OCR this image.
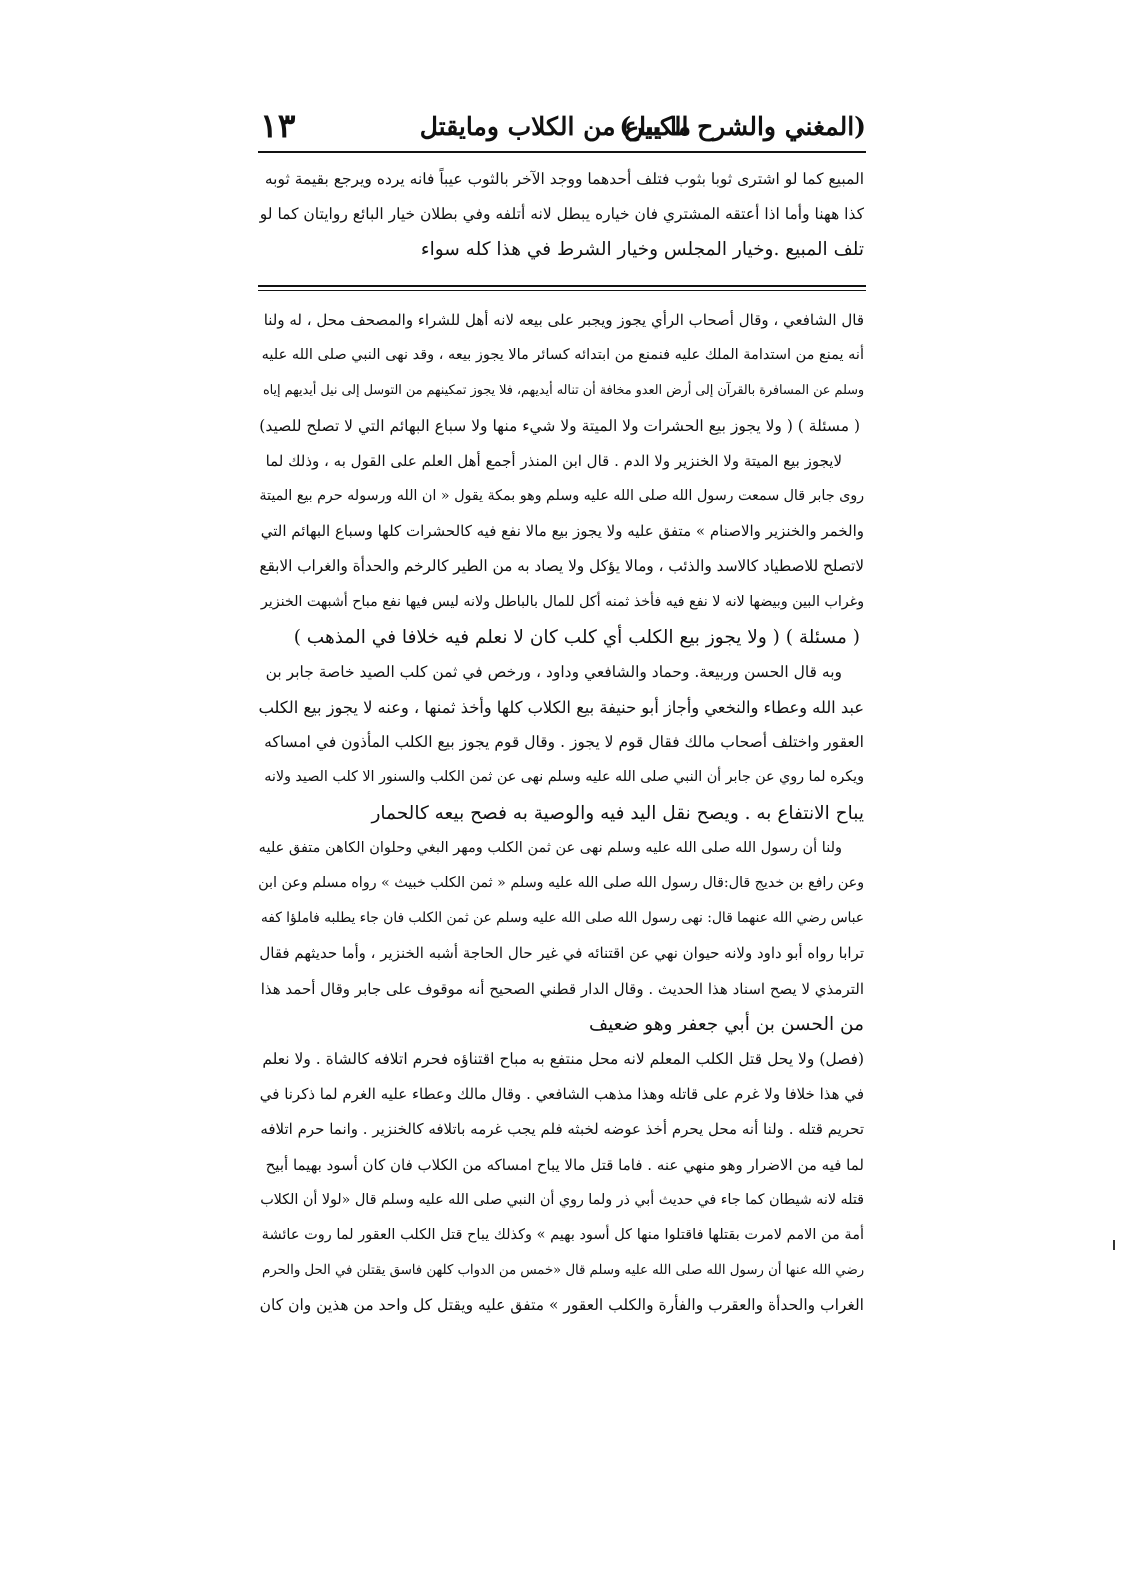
(المغني والشرح الكبير)
ما يباع من الكلاب ومايقتل
١٣

المبيع كما لو اشترى ثوبا بثوب فتلف أحدهما ووجد الآخر بالثوب عيباً فانه يرده ويرجع بقيمة ثوبه

كذا ههنا وأما اذا أعتقه المشتري فان خياره يبطل لانه أتلفه وفي بطلان خيار البائع روايتان كما لو

تلف المبيع .وخيار المجلس وخيار الشرط في هذا كله سواء

قال الشافعي ، وقال أصحاب الرأي يجوز ويجبر على بيعه لانه أهل للشراء والمصحف محل ، له ولنا

أنه يمنع من استدامة الملك عليه فنمنع من ابتدائه كسائر مالا يجوز بيعه ، وقد نهى النبي صلى الله عليه

وسلم عن المسافرة بالقرآن إلى أرض العدو مخافة أن تناله أيديهم، فلا يجوز تمكينهم من التوسل إلى نيل أيديهم إياه

( مسئلة ) ( ولا يجوز بيع الحشرات ولا الميتة ولا شيء منها ولا سباع البهائم التي لا تصلح للصيد)

لايجوز بيع الميتة ولا الخنزير ولا الدم . قال ابن المنذر أجمع أهل العلم على القول به ، وذلك لما

روى جابر قال سمعت رسول الله صلى الله عليه وسلم وهو بمكة يقول « ان الله ورسوله حرم بيع الميتة

والخمر والخنزير والاصنام » متفق عليه ولا يجوز بيع مالا نفع فيه كالحشرات كلها وسباع البهائم التي

لاتصلح للاصطياد كالاسد والذئب ، ومالا يؤكل ولا يصاد به من الطير كالرخم والحدأة والغراب الابقع

وغراب البين وبيضها لانه لا نفع فيه فأخذ ثمنه أكل للمال بالباطل ولانه ليس فيها نفع مباح أشبهت الخنزير

( مسئلة ) ( ولا يجوز بيع الكلب أي كلب كان لا نعلم فيه خلافا في المذهب )

وبه قال الحسن وربيعة. وحماد والشافعي وداود ، ورخص في ثمن كلب الصيد خاصة جابر بن

عبد الله وعطاء والنخعي وأجاز أبو حنيفة بيع الكلاب كلها وأخذ ثمنها ، وعنه لا يجوز بيع الكلب

العقور واختلف أصحاب مالك فقال قوم لا يجوز . وقال قوم يجوز بيع الكلب المأذون في امساكه

ويكره لما روي عن جابر أن النبي صلى الله عليه وسلم نهى عن ثمن الكلب والسنور الا كلب الصيد ولانه

يباح الانتفاع به . ويصح نقل اليد فيه والوصية به فصح بيعه كالحمار

ولنا أن رسول الله صلى الله عليه وسلم نهى عن ثمن الكلب ومهر البغي وحلوان الكاهن متفق عليه

وعن رافع بن خديج قال:قال رسول الله صلى الله عليه وسلم « ثمن الكلب خبيث » رواه مسلم وعن ابن

عباس رضي الله عنهما قال: نهى رسول الله صلى الله عليه وسلم عن ثمن الكلب فان جاء يطلبه فاملؤا كفه

ترابا رواه أبو داود ولانه حيوان نهي عن اقتنائه في غير حال الحاجة أشبه الخنزير ، وأما حديثهم فقال

الترمذي لا يصح اسناد هذا الحديث . وقال الدار قطني الصحيح أنه موقوف على جابر وقال أحمد هذا

من الحسن بن أبي جعفر وهو ضعيف

(فصل) ولا يحل قتل الكلب المعلم لانه محل منتفع به مباح اقتناؤه فحرم اتلافه كالشاة . ولا نعلم

في هذا خلافا ولا غرم على قاتله وهذا مذهب الشافعي . وقال مالك وعطاء عليه الغرم لما ذكرنا في

تحريم قتله . ولنا أنه محل يحرم أخذ عوضه لخبثه فلم يجب غرمه باتلافه كالخنزير . وانما حرم اتلافه

لما فيه من الاضرار وهو منهي عنه . فاما قتل مالا يباح امساكه من الكلاب فان كان أسود بهيما أبيح

قتله لانه شيطان كما جاء في حديث أبي ذر ولما روي أن النبي صلى الله عليه وسلم قال «لولا أن الكلاب

أمة من الامم لامرت بقتلها فاقتلوا منها كل أسود بهيم » وكذلك يباح قتل الكلب العقور لما روت عائشة

رضي الله عنها أن رسول الله صلى الله عليه وسلم قال «خمس من الدواب كلهن فاسق يقتلن في الحل والحرم

الغراب والحدأة والعقرب والفأرة والكلب العقور » متفق عليه ويقتل كل واحد من هذين وان كان
